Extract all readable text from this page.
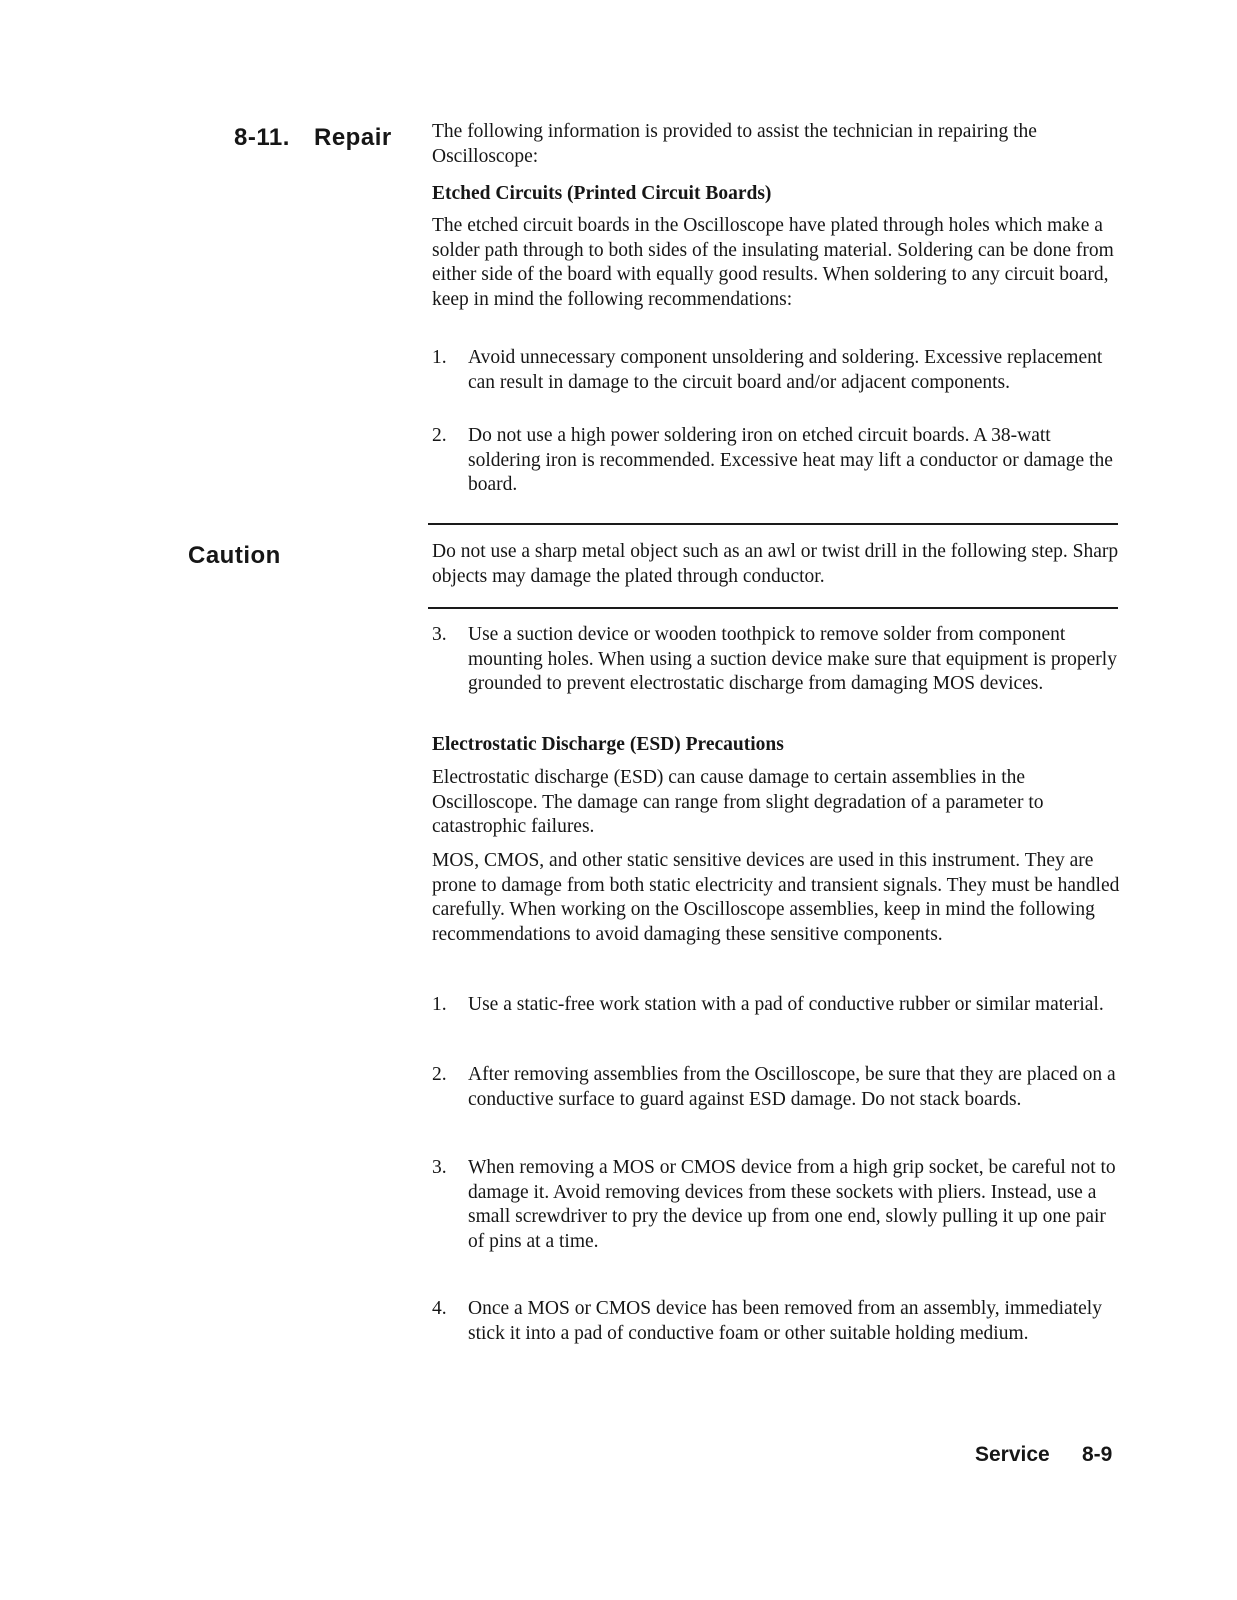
8-11. Repair The following information is provided to assist the technician in repairing the Oscilloscope:
Etched Circuits (Printed Circuit Boards)
The etched circuit boards in the Oscilloscope have plated through holes which make a solder path through to both sides of the insulating material. Soldering can be done from either side of the board with equally good results. When soldering to any circuit board, keep in mind the following recommendations:
1. Avoid unnecessary component unsoldering and soldering. Excessive replacement can result in damage to the circuit board and/or adjacent components.
2. Do not use a high power soldering iron on etched circuit boards. A 38-watt soldering iron is recommended. Excessive heat may lift a conductor or damage the board.
Caution	Do not use a sharp metal object such as an awl or twist drill in the following step. Sharp objects may damage the plated through conductor.
3. Use a suction device or wooden toothpick to remove solder from component mounting holes. When using a suction device make sure that equipment is properly grounded to prevent electrostatic discharge from damaging MOS devices.
Electrostatic Discharge (ESD) Precautions
Electrostatic discharge (ESD) can cause damage to certain assemblies in the Oscilloscope. The damage can range from slight degradation of a parameter to catastrophic failures.
MOS, CMOS, and other static sensitive devices are used in this instrument. They are prone to damage from both static electricity and transient signals. They must be handled carefully. When working on the Oscilloscope assemblies, keep in mind the following recommendations to avoid damaging these sensitive components.
1. Use a static-free work station with a pad of conductive rubber or similar material.
2. After removing assemblies from the Oscilloscope, be sure that they are placed on a conductive surface to guard against ESD damage. Do not stack boards.
3. When removing a MOS or CMOS device from a high grip socket, be careful not to damage it. Avoid removing devices from these sockets with pliers. Instead, use a small screwdriver to pry the device up from one end, slowly pulling it up one pair of pins at a time.
4. Once a MOS or CMOS device has been removed from an assembly, immediately stick it into a pad of conductive foam or other suitable holding medium.
Service 8-9
